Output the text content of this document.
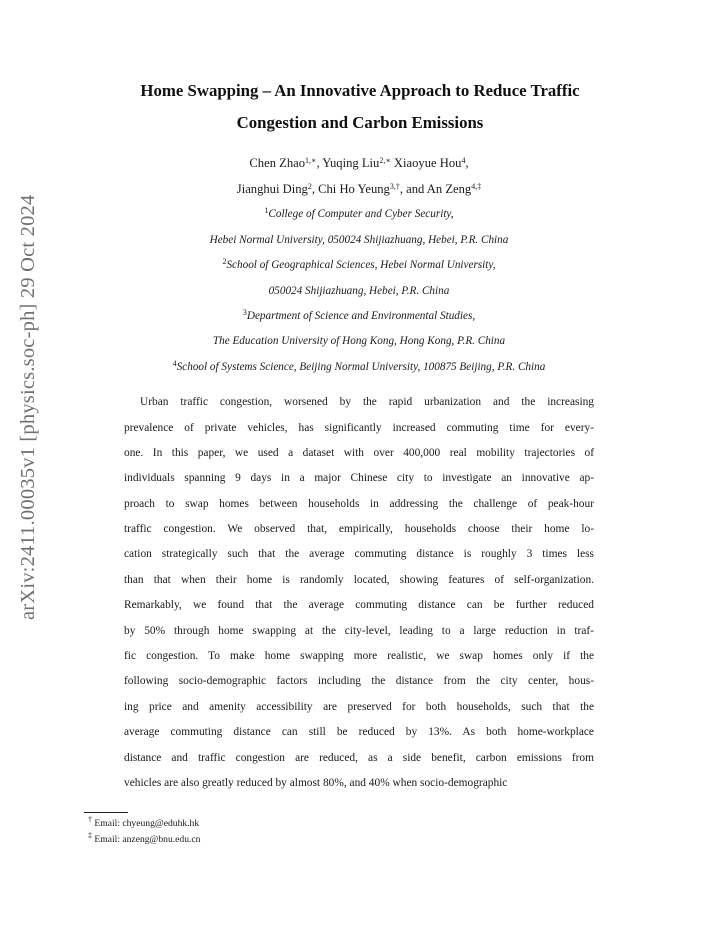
arXiv:2411.00035v1 [physics.soc-ph] 29 Oct 2024
Home Swapping – An Innovative Approach to Reduce Traffic
Congestion and Carbon Emissions
Chen Zhao$^{1,∗}$, Yuqing Liu$^{2,∗}$ Xiaoyue Hou$^4$,
Jianghui Ding$^2$, Chi Ho Yeung$^{3,\dagger}$, and An Zeng$^{4,\ddagger}$
$^1$College of Computer and Cyber Security,
Hebei Normal University, 050024 Shijiazhuang, Hebei, P.R. China
$^2$School of Geographical Sciences, Hebei Normal University,
050024 Shijiazhuang, Hebei, P.R. China
$^3$Department of Science and Environmental Studies,
The Education University of Hong Kong, Hong Kong, P.R. China
$^4$School of Systems Science, Beijing Normal University, 100875 Beijing, P.R. China
Urban traffic congestion, worsened by the rapid urbanization and the increasing
prevalence of private vehicles, has significantly increased commuting time for every-
one. In this paper, we used a dataset with over 400,000 real mobility trajectories of
individuals spanning 9 days in a major Chinese city to investigate an innovative ap-
proach to swap homes between households in addressing the challenge of peak-hour
traffic congestion. We observed that, empirically, households choose their home lo-
cation strategically such that the average commuting distance is roughly 3 times less
than that when their home is randomly located, showing features of self-organization.
Remarkably, we found that the average commuting distance can be further reduced
by 50% through home swapping at the city-level, leading to a large reduction in traf-
fic congestion. To make home swapping more realistic, we swap homes only if the
following socio-demographic factors including the distance from the city center, hous-
ing price and amenity accessibility are preserved for both households, such that the
average commuting distance can still be reduced by 13%. As both home-workplace
distance and traffic congestion are reduced, as a side benefit, carbon emissions from
vehicles are also greatly reduced by almost 80%, and 40% when socio-demographic
† Email: chyeung@eduhk.hk
‡ Email: anzeng@bnu.edu.cn
